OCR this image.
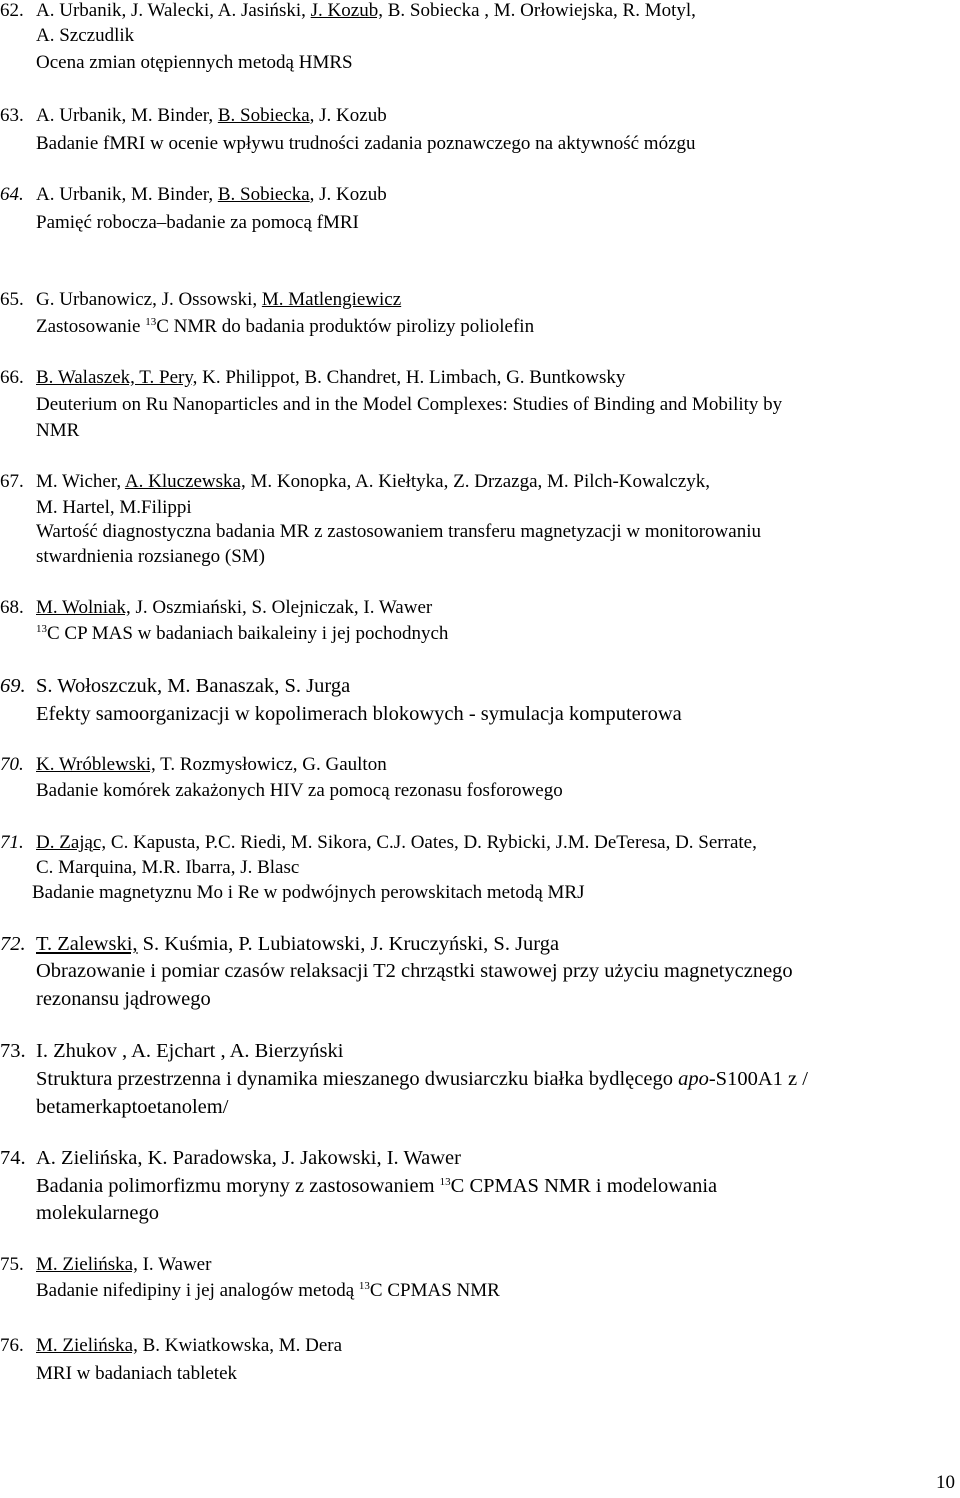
62. A. Urbanik, J. Walecki, A. Jasiński, J. Kozub, B. Sobiecka , M. Orłowiejska, R. Motyl,
A. Szczudlik
Ocena zmian otępiennych metodą HMRS
63. A. Urbanik, M. Binder, B. Sobiecka, J. Kozub
Badanie fMRI w ocenie wpływu trudności zadania poznawczego na aktywność mózgu
64. A. Urbanik, M. Binder, B. Sobiecka, J. Kozub
Pamięć robocza–badanie za pomocą fMRI
65. G. Urbanowicz, J. Ossowski, M. Matlengiewicz
Zastosowanie $^{13}$C NMR do badania produktów pirolizy poliolefin
66. B. Walaszek, T. Pery, K. Philippot, B. Chandret, H. Limbach, G. Buntkowsky
Deuterium on Ru Nanoparticles and in the Model Complexes: Studies of Binding and Mobility by
NMR
67. M. Wicher, A. Kluczewska, M. Konopka, A. Kiełtyka, Z. Drzazga, M. Pilch-Kowalczyk,
M. Hartel, M.Filippi
Wartość diagnostyczna badania MR z zastosowaniem transferu magnetyzacji w monitorowaniu
stwardnienia rozsianego (SM)
68. M. Wolniak, J. Oszmiański, S. Olejniczak, I. Wawer
$^{13}$C CP MAS w badaniach baikaleiny i jej pochodnych
69. S. Wołoszczuk, M. Banaszak, S. Jurga
Efekty samoorganizacji w kopolimerach blokowych - symulacja komputerowa
70. K. Wróblewski, T. Rozmysłowicz, G. Gaulton
Badanie komórek zakażonych HIV za pomocą rezonasu fosforowego
71. D. Zając, C. Kapusta, P.C. Riedi, M. Sikora, C.J. Oates, D. Rybicki, J.M. DeTeresa, D. Serrate,
C. Marquina, M.R. Ibarra, J. Blasc
Badanie magnetyznu Mo i Re w podwójnych perowskitach metodą MRJ
72. T. Zalewski, S. Kuśmia, P. Lubiatowski, J. Kruczyński, S. Jurga
Obrazowanie i pomiar czasów relaksacji T2 chrząstki stawowej przy użyciu magnetycznego
rezonansu jądrowego
73. I. Zhukov , A. Ejchart , A. Bierzyński
Struktura przestrzenna i dynamika mieszanego dwusiarczku białka bydlęcego apo-S100A1 z /
betamerkaptoetanolem/
74. A. Zielińska, K. Paradowska, J. Jakowski, I. Wawer
Badania polimorfizmu moryny z zastosowaniem $^{13}$C CPMAS NMR i modelowania
molekularnego
75. M. Zielińska, I. Wawer
Badanie nifedipiny i jej analogów metodą $^{13}$C CPMAS NMR
76. M. Zielińska, B. Kwiatkowska, M. Dera
MRI w badaniach tabletek
10
